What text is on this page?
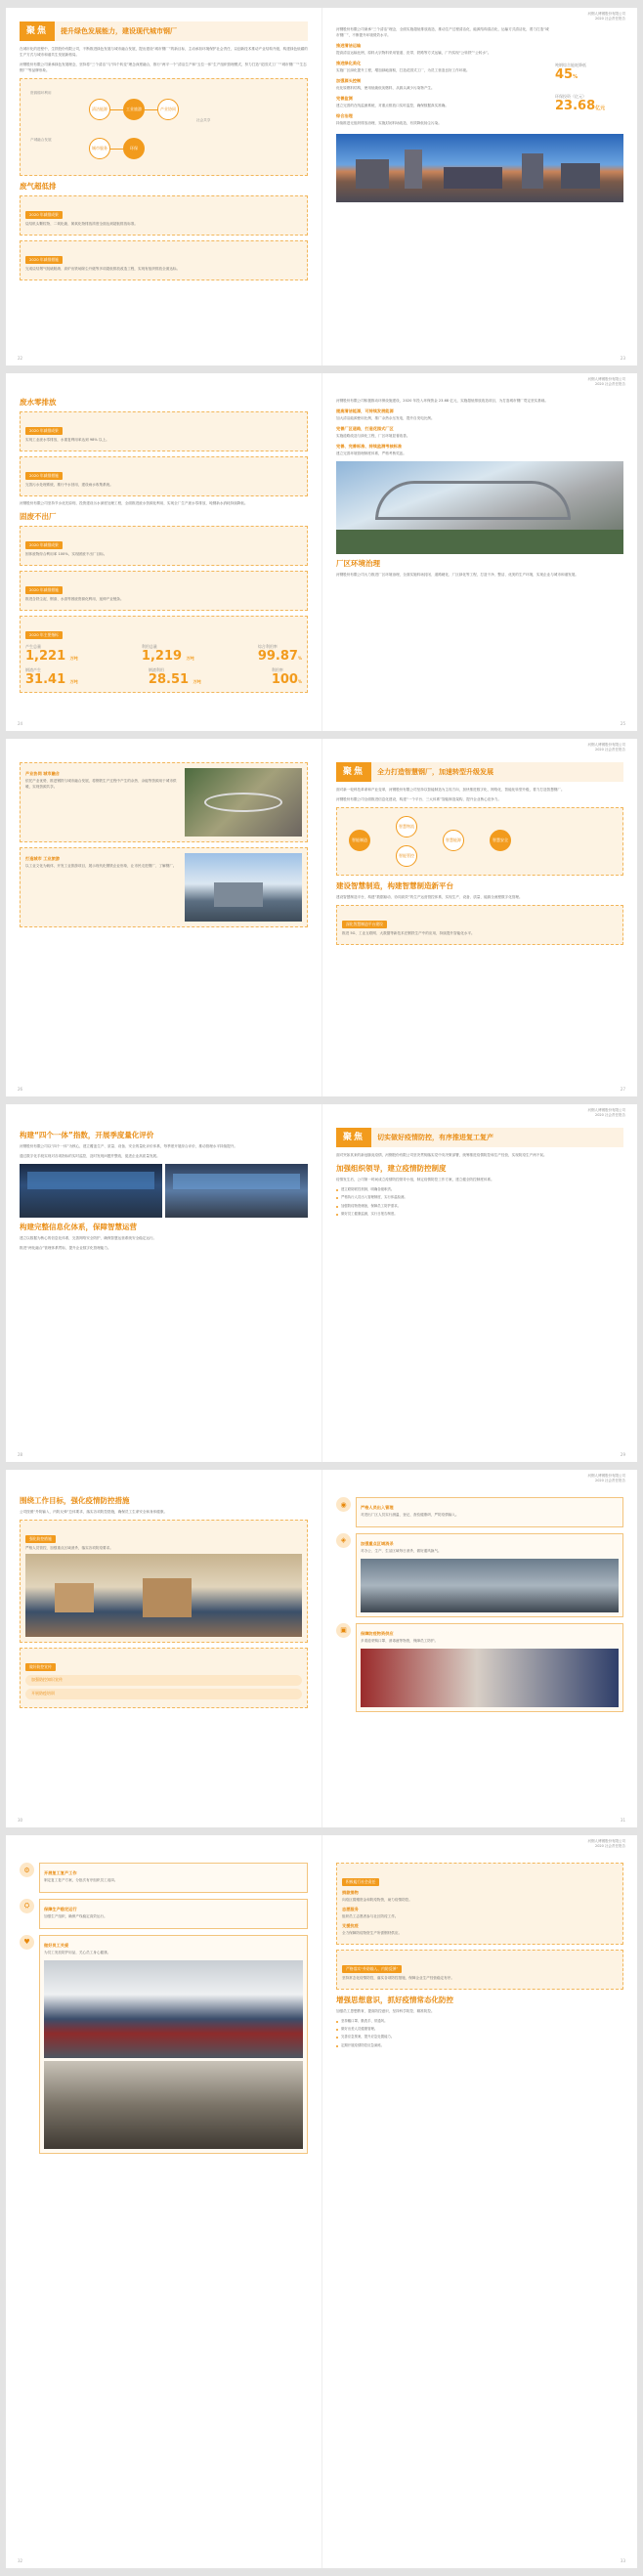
聚焦	提升绿色发展能力，建设现代城市钢厂
在城市化的进程中，生铁股份有限公司，不断推进绿色发展与城市融合发展，提出建设“城市钢厂”的新目标，主动承担环境保护社会责任，以创新技术推动产业结构升级，构建绿色低碳的生产方式与城市和谐共生发展新格局。
河钢股份有限公司秉承绿色发展理念，坚持将“三个清洁”与“四个转变”理念深度融合，推行“两平一个”清洁生产和“五位一体”生产组织管理模式，努力打造“花园式工厂”“城市钢厂”“生态钢厂”等品牌形象。
资源循环利用
产城融合发展
清洁能源	工业旅游	产业协同
城市服务	环保
社会共享
废气超低排
2020 年减排成果
烧结机头颗粒物、二氧化硫、氮氧化物排放浓度全面达到超低排放标准。
2020 年减排措施
完成烧结烟气脱硫脱硝、高炉出铁场除尘升级等多项超低排放改造工程，实现有组织排放全面达标。
22
河钢人博钢股份有限公司
2020 社会责任报告
河钢股份有限公司秉承“三个清洁”理念，全面实施超低排放改造，推动生产过程清洁化、能源结构清洁化、运输方式清洁化，着力打造“城市钢厂”，不断提升环境绩效水平。
推进清洁运输
提高清洁运输比例，原料大宗物料采用管道、皮带、铁路等方式运输，厂内实现“公转铁”“公转水”。
推进绿化美化
实施厂区绿化提升工程，增加绿地面积，打造花园式工厂，为员工营造良好工作环境。
加强源头控制
优化原燃料结构，使用低硫低灰燃料，从源头减少污染物产生。
完善监测
建立完善的在线监测系统，对重点排放口实时监控，确保数据真实准确。
综合治理
持续推进无组织排放治理，实施封闭料场改造，有效降低扬尘污染。
吨钢综合能耗降低
45%
环保投资（亿元）
23.68亿元
23
废水零排放
2020 年减排成果
实现工业废水零排放，水重复利用率达到 98% 以上。
2020 年减排措施
完善污水处理系统，推行中水回用，建设雨水收集系统。
河钢股份有限公司坚持节水优先原则，投资建设污水深度处理工程，全面推进废水资源化利用，实现全厂生产废水零排放，吨钢新水消耗持续降低。
固废不出厂
2020 年减排成果
固体废物综合利用率 100%，实现固废不出厂目标。
2020 年减排措施
推进含铁尘泥、钢渣、水渣等固废资源化利用，延伸产业链条。
2020 年主要指标
产生总量
1,221 万吨
利用总量
1,219 万吨
综合利用率
99.87%
钢渣产生
31.41 万吨
钢渣利用
28.51 万吨
利用率
100%
24
河钢人博钢股份有限公司
2020 社会责任报告
河钢股份有限公司积极推动环保设施建设，2020 年投入环保资金 23.68 亿元，实施超低排放改造项目，为打造城市钢厂奠定坚实基础。
提高清洁能源，可持续发展能源
加大清洁能源使用比例，推广余热余压发电，提升自发电比例。
完善厂区道路，打造花园式厂区
实施道路改造与绿化工程，厂区环境显著改善。
完善、完善标准、持续监测考核标准
建立完善环境管理制度体系，严格考核奖惩。
厂区环境治理
河钢股份有限公司大力推进厂区环境治理，全面实施料场封闭、道路硬化、厂区绿化等工程，打造干净、整洁、优美的生产环境，实现企业与城市和谐发展。
25
产业协同 城市融合
依托产业优势，推进钢铁与城市融合发展，将钢铁生产过程中产生的余热、余能等资源用于城市供暖，实现资源共享。
打造城市 工业旅游
以工业文化为载体，开发工业旅游项目，展示现代化钢铁企业形象，让市民走进钢厂、了解钢厂。
26
河钢人博钢股份有限公司
2020 社会责任报告
聚焦	全力打造智慧钢厂，加速转型升级发展
面对新一轮科技革命和产业变革，河钢股份有限公司坚持以智能制造为主攻方向，加快推进数字化、网络化、智能化转型升级，着力打造智慧钢厂。
河钢股份有限公司全面推进信息化建设，构建“一个平台、三大体系”智能制造架构，提升企业核心竞争力。
智能制造
智慧物流
智能管控
智慧能源	智慧安全
建设智慧制造，构建智慧制造新平台
建设智慧制造平台，构建“数据驱动、协同高效”的生产运营管控体系，实现生产、设备、质量、能源全流程数字化管理。
深化智慧制造平台建设
推进 5G、工业互联网、大数据等新技术在钢铁生产中的应用，持续提升智能化水平。
27
构建“四个一体”指数，开展季度量化评价
河钢股份有限公司以“四个一体”为核心，建立覆盖生产、质量、设备、安全的量化评价体系，每季度开展综合评价，推动管理水平持续提升。
通过数字化手段实现对各项指标的实时监控，及时发现问题并整改，促进企业高质量发展。
构建完整信息化体系，保障智慧运营
建立以数据为核心的信息化体系，完善网络安全防护，确保智慧运营系统安全稳定运行。
推进“两化融合”管理体系贯标，提升企业数字化管理能力。
28
河钢人博钢股份有限公司
2020 社会责任报告
聚焦	切实做好疫情防控，有序推进复工复产
面对突如其来的新冠肺炎疫情，河钢股份有限公司坚决贯彻落实党中央决策部署，统筹推进疫情防控和生产经营，实现防疫生产两不误。
加强组织领导，建立疫情防控制度
疫情发生后，公司第一时间成立疫情防控领导小组，制定疫情防控工作方案，建立健全防控制度体系。
建立联防联控机制，明确各级职责。
严格执行人员出入管理制度，实行体温检测。
加强防疫物资储备，保障员工防护需求。
做好员工健康监测，实行日报告制度。
29
围绕工作目标，强化疫情防控措施
公司按照“外防输入、内防反弹”总体要求，落实各项防控措施，确保员工生命安全和身体健康。
强化防控措施
严格人员管控，加强重点区域消杀，落实各项防疫要求。
做好防控宣传
加强防控知识宣传
开展防疫培训
30
河钢人博钢股份有限公司
2020 社会责任报告
◉	严格人员出入管理
对进出厂区人员实行测温、登记、查验健康码，严防疫情输入。
◈	加强重点区域消杀
对办公、生产、生活区域每日消杀，做好通风换气。
▣	保障防疫物资供应
多渠道采购口罩、消毒液等物资，保障员工防护。
31
⚙	开展复工复产工作
制定复工复产方案，分批次有序组织员工返岗。
⛭	保障生产稳定运行
加强生产组织，确保产线稳定高效运行。
♥	做好员工关爱
为员工发放防护用品，关心员工身心健康。
32
河钢人博钢股份有限公司
2020 社会责任报告
积极履行社会责任
捐款捐物
向疫区捐赠资金和防疫物资，助力疫情防控。
志愿服务
组织员工志愿者参与社区防疫工作。
支援抗疫
全力保障防疫物资生产所需钢材供应。
严格落实“外防输入、内防反弹”
坚持常态化疫情防控，落实各项防控措施，保障企业生产经营稳定有序。
增强思想意识，抓好疫情常态化防控
加强员工思想教育，提高防控意识，坚持科学防控、精准防控。
坚持戴口罩、勤洗手、常通风。
做好出差人员健康管理。
完善应急预案，提升应急处置能力。
定期开展疫情防控应急演练。
33
